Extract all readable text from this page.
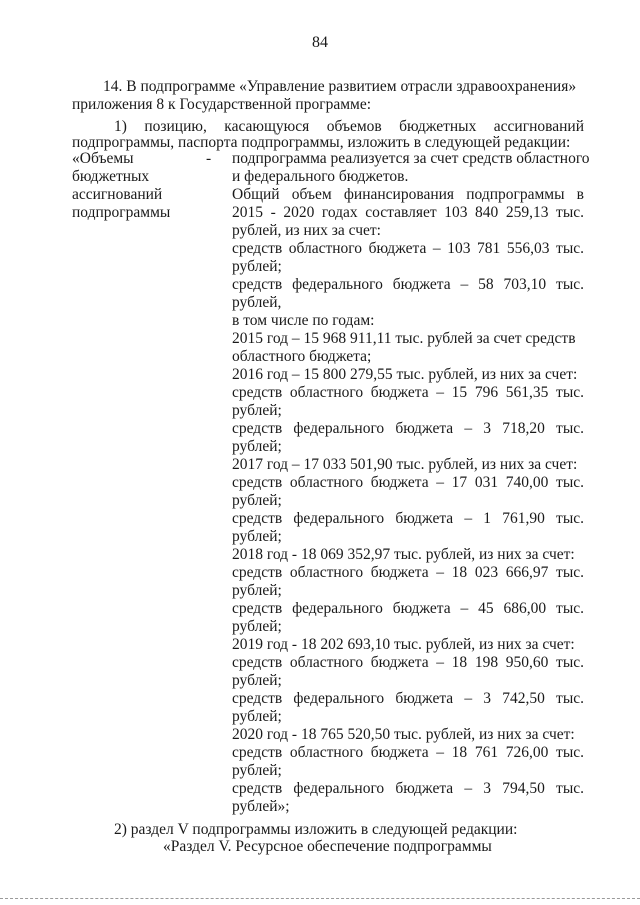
84
14. В подпрограмме «Управление развитием отрасли здравоохранения»
приложения 8 к Государственной программе:
1) позицию, касающуюся объемов бюджетных ассигнований
подпрограммы, паспорта подпрограммы, изложить в следующей редакции:
«Объемы
бюджетных
ассигнований
подпрограммы
- подпрограмма реализуется за счет средств областного
и федерального бюджетов.
Общий объем финансирования подпрограммы в
2015 - 2020 годах составляет 103 840 259,13 тыс.
рублей, из них за счет:
средств областного бюджета – 103 781 556,03 тыс.
рублей;
средств федерального бюджета – 58 703,10 тыс.
рублей,
в том числе по годам:
2015 год – 15 968 911,11 тыс. рублей за счет средств
областного бюджета;
2016 год – 15 800 279,55 тыс. рублей, из них за счет:
средств областного бюджета – 15 796 561,35 тыс.
рублей;
средств федерального бюджета – 3 718,20 тыс.
рублей;
2017 год – 17 033 501,90 тыс. рублей, из них за счет:
средств областного бюджета – 17 031 740,00 тыс.
рублей;
средств федерального бюджета – 1 761,90 тыс.
рублей;
2018 год - 18 069 352,97 тыс. рублей, из них за счет:
средств областного бюджета – 18 023 666,97 тыс.
рублей;
средств федерального бюджета – 45 686,00 тыс.
рублей;
2019 год - 18 202 693,10 тыс. рублей, из них за счет:
средств областного бюджета – 18 198 950,60 тыс.
рублей;
средств федерального бюджета – 3 742,50 тыс.
рублей;
2020 год - 18 765 520,50 тыс. рублей, из них за счет:
средств областного бюджета – 18 761 726,00 тыс.
рублей;
средств федерального бюджета – 3 794,50 тыс.
рублей»;
2) раздел V подпрограммы изложить в следующей редакции:
«Раздел V. Ресурсное обеспечение подпрограммы
